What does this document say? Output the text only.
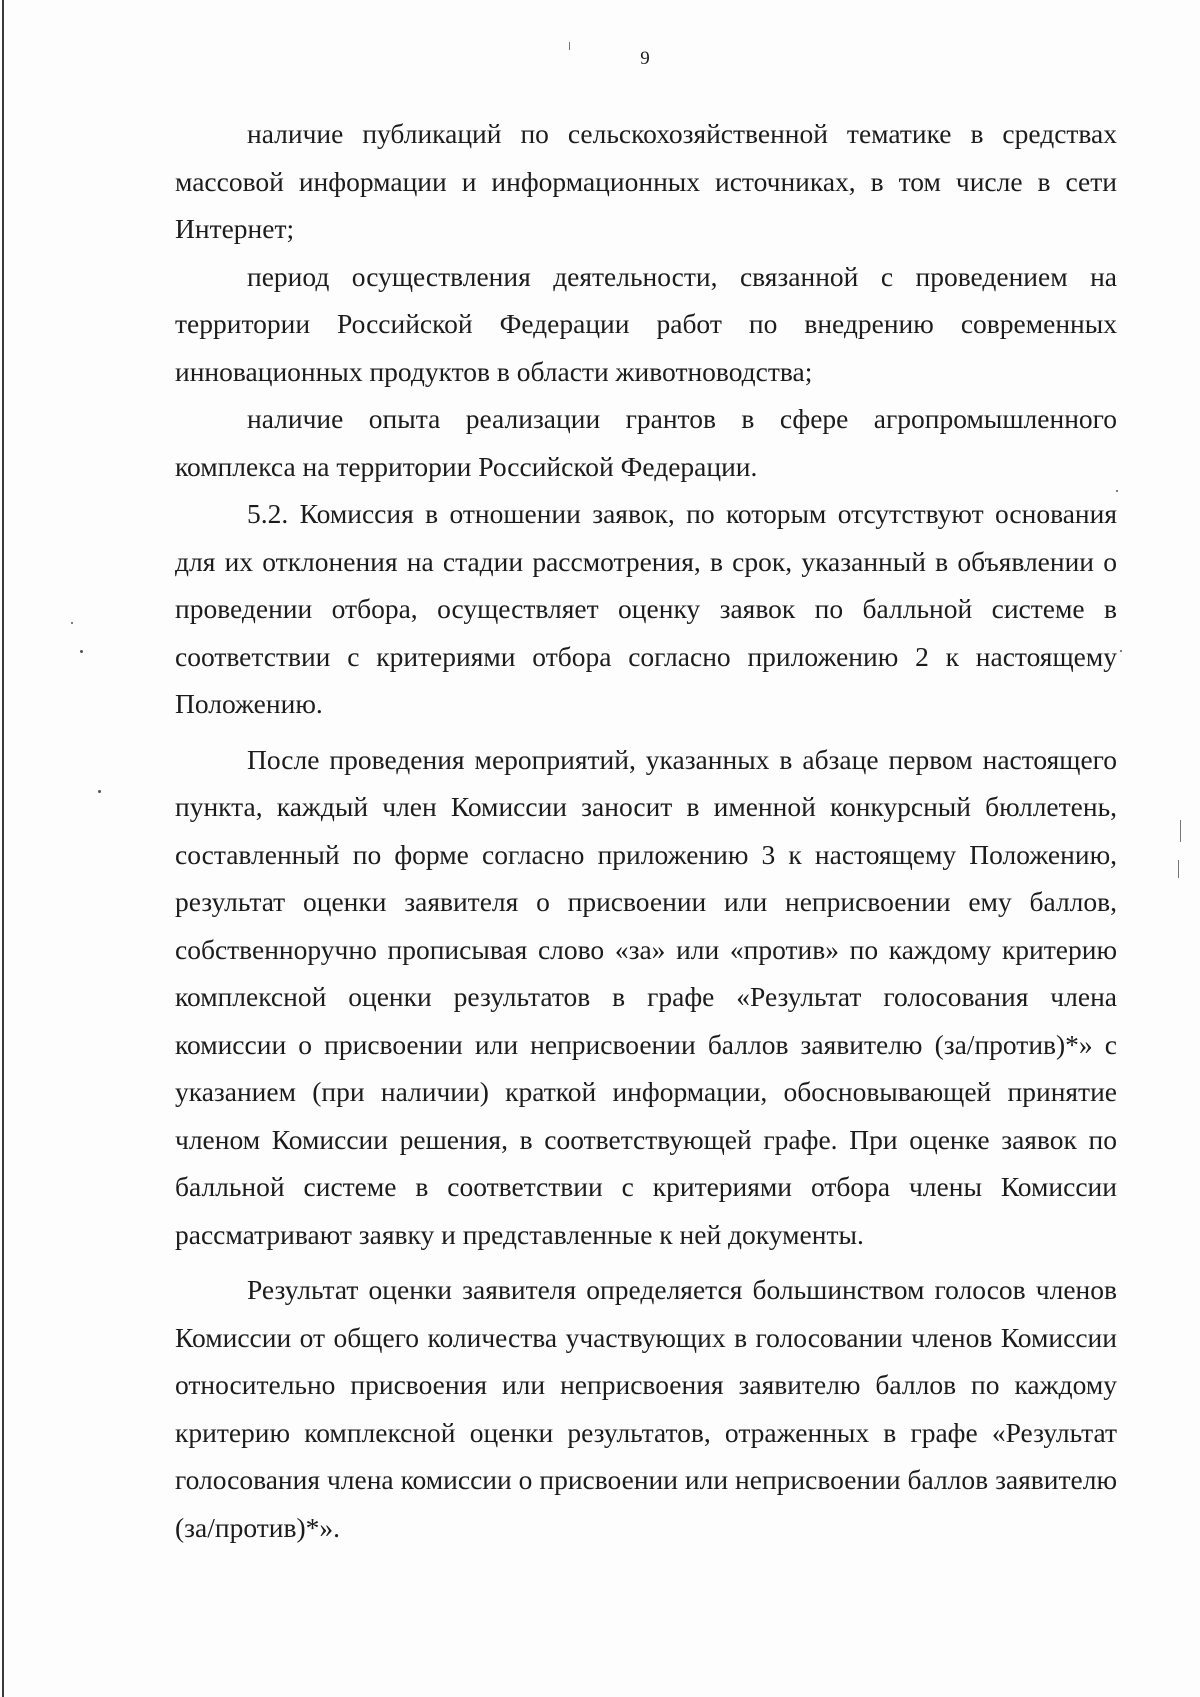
9

наличие публикаций по сельскохозяйственной тематике в средствах массовой информации и информационных источниках, в том числе в сети Интернет;

период осуществления деятельности, связанной с проведением на территории Российской Федерации работ по внедрению современных инновационных продуктов в области животноводства;

наличие опыта реализации грантов в сфере агропромышленного комплекса на территории Российской Федерации.

5.2. Комиссия в отношении заявок, по которым отсутствуют основания для их отклонения на стадии рассмотрения, в срок, указанный в объявлении о проведении отбора, осуществляет оценку заявок по балльной системе в соответствии с критериями отбора согласно приложению 2 к настоящему Положению.

После проведения мероприятий, указанных в абзаце первом настоящего пункта, каждый член Комиссии заносит в именной конкурсный бюллетень, составленный по форме согласно приложению 3 к настоящему Положению, результат оценки заявителя о присвоении или неприсвоении ему баллов, собственноручно прописывая слово «за» или «против» по каждому критерию комплексной оценки результатов в графе «Результат голосования члена комиссии о присвоении или неприсвоении баллов заявителю (за/против)*» с указанием (при наличии) краткой информации, обосновывающей принятие членом Комиссии решения, в соответствующей графе. При оценке заявок по балльной системе в соответствии с критериями отбора члены Комиссии рассматривают заявку и представленные к ней документы.

Результат оценки заявителя определяется большинством голосов членов Комиссии от общего количества участвующих в голосовании членов Комиссии относительно присвоения или неприсвоения заявителю баллов по каждому критерию комплексной оценки результатов, отраженных в графе «Результат голосования члена комиссии о присвоении или неприсвоении баллов заявителю (за/против)*».
